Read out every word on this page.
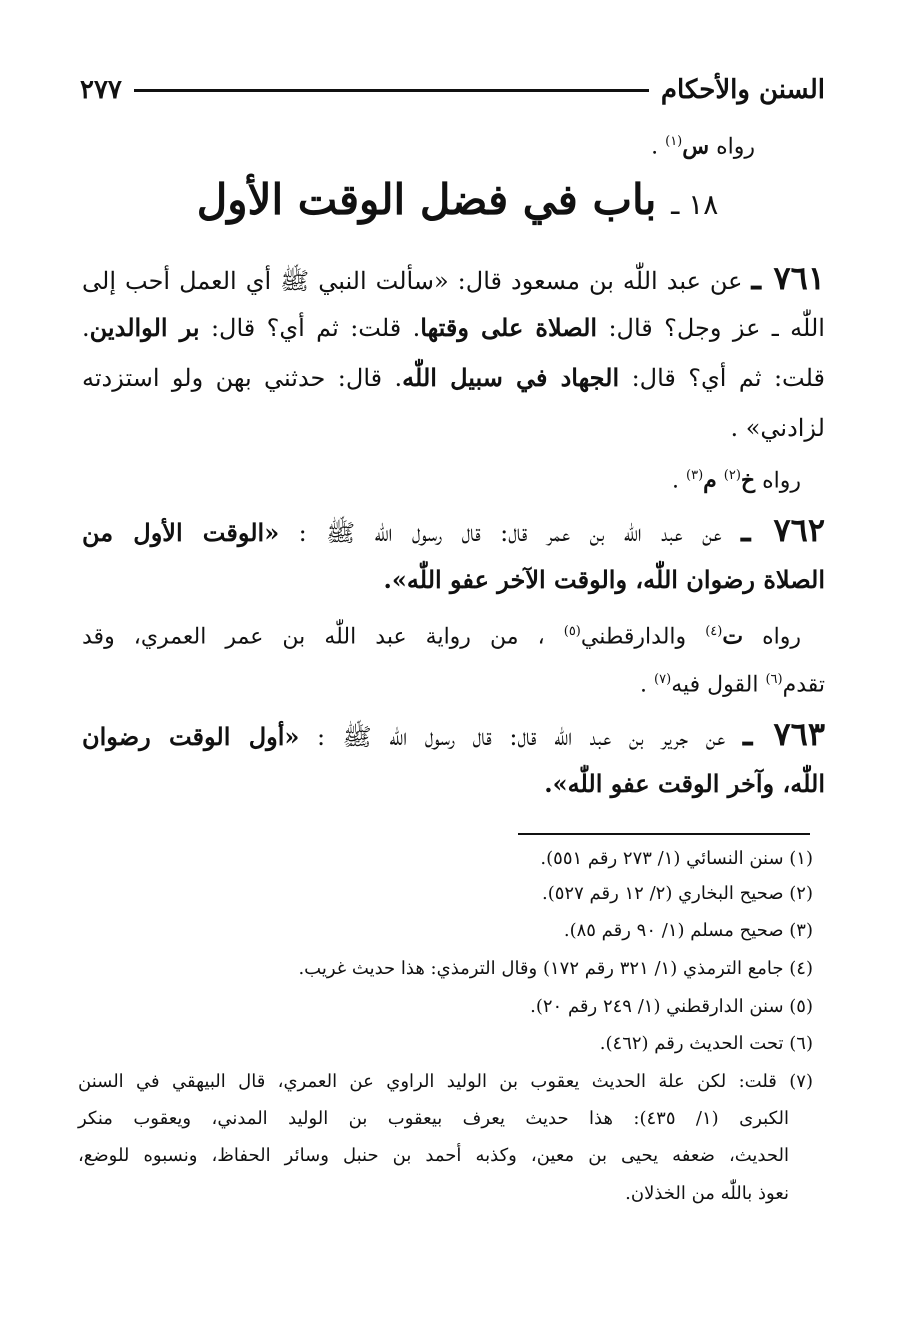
السنن والأحكام
٢٧٧
رواه س$^{(١)}$ .
١٨ ـ باب في فضل الوقت الأول
٧٦١ ـ عن عبد اللّٰه بن مسعود قال: «سألت النبي ﷺ أي العمل أحب إلى
اللّٰه ـ عز وجل؟ قال: الصلاة على وقتها. قلت: ثم أي؟ قال: بر الوالدين.
قلت: ثم أي؟ قال: الجهاد في سبيل اللّٰه. قال: حدثني بهن ولو استزدته
لزادني» .
رواه خ$^{(٢)}$ م$^{(٣)}$ .
٧٦٢ ـ عن عبد اللّٰه بن عمر قال: قال رسول اللّٰه ﷺ : «الوقت الأول من
الصلاة رضوان اللّٰه، والوقت الآخر عفو اللّٰه».
رواه ت$^{(٤)}$ والدارقطني$^{(٥)}$ ، من رواية عبد اللّٰه بن عمر العمري، وقد
تقدم$^{(٦)}$ القول فيه$^{(٧)}$ .
٧٦٣ ـ عن جرير بن عبد اللّٰه قال: قال رسول اللّٰه ﷺ : «أول الوقت رضوان
اللّٰه، وآخر الوقت عفو اللّٰه».
(١) سنن النسائي (١/ ٢٧٣ رقم ٥٥١).
(٢) صحيح البخاري (٢/ ١٢ رقم ٥٢٧).
(٣) صحيح مسلم (١/ ٩٠ رقم ٨٥).
(٤) جامع الترمذي (١/ ٣٢١ رقم ١٧٢) وقال الترمذي: هذا حديث غريب.
(٥) سنن الدارقطني (١/ ٢٤٩ رقم ٢٠).
(٦) تحت الحديث رقم (٤٦٢).
(٧) قلت: لكن علة الحديث يعقوب بن الوليد الراوي عن العمري، قال البيهقي في السنن
الكبرى (١/ ٤٣٥): هذا حديث يعرف بيعقوب بن الوليد المدني، ويعقوب منكر
الحديث، ضعفه يحيى بن معين، وكذبه أحمد بن حنبل وسائر الحفاظ، ونسبوه للوضع،
نعوذ باللّٰه من الخذلان.
